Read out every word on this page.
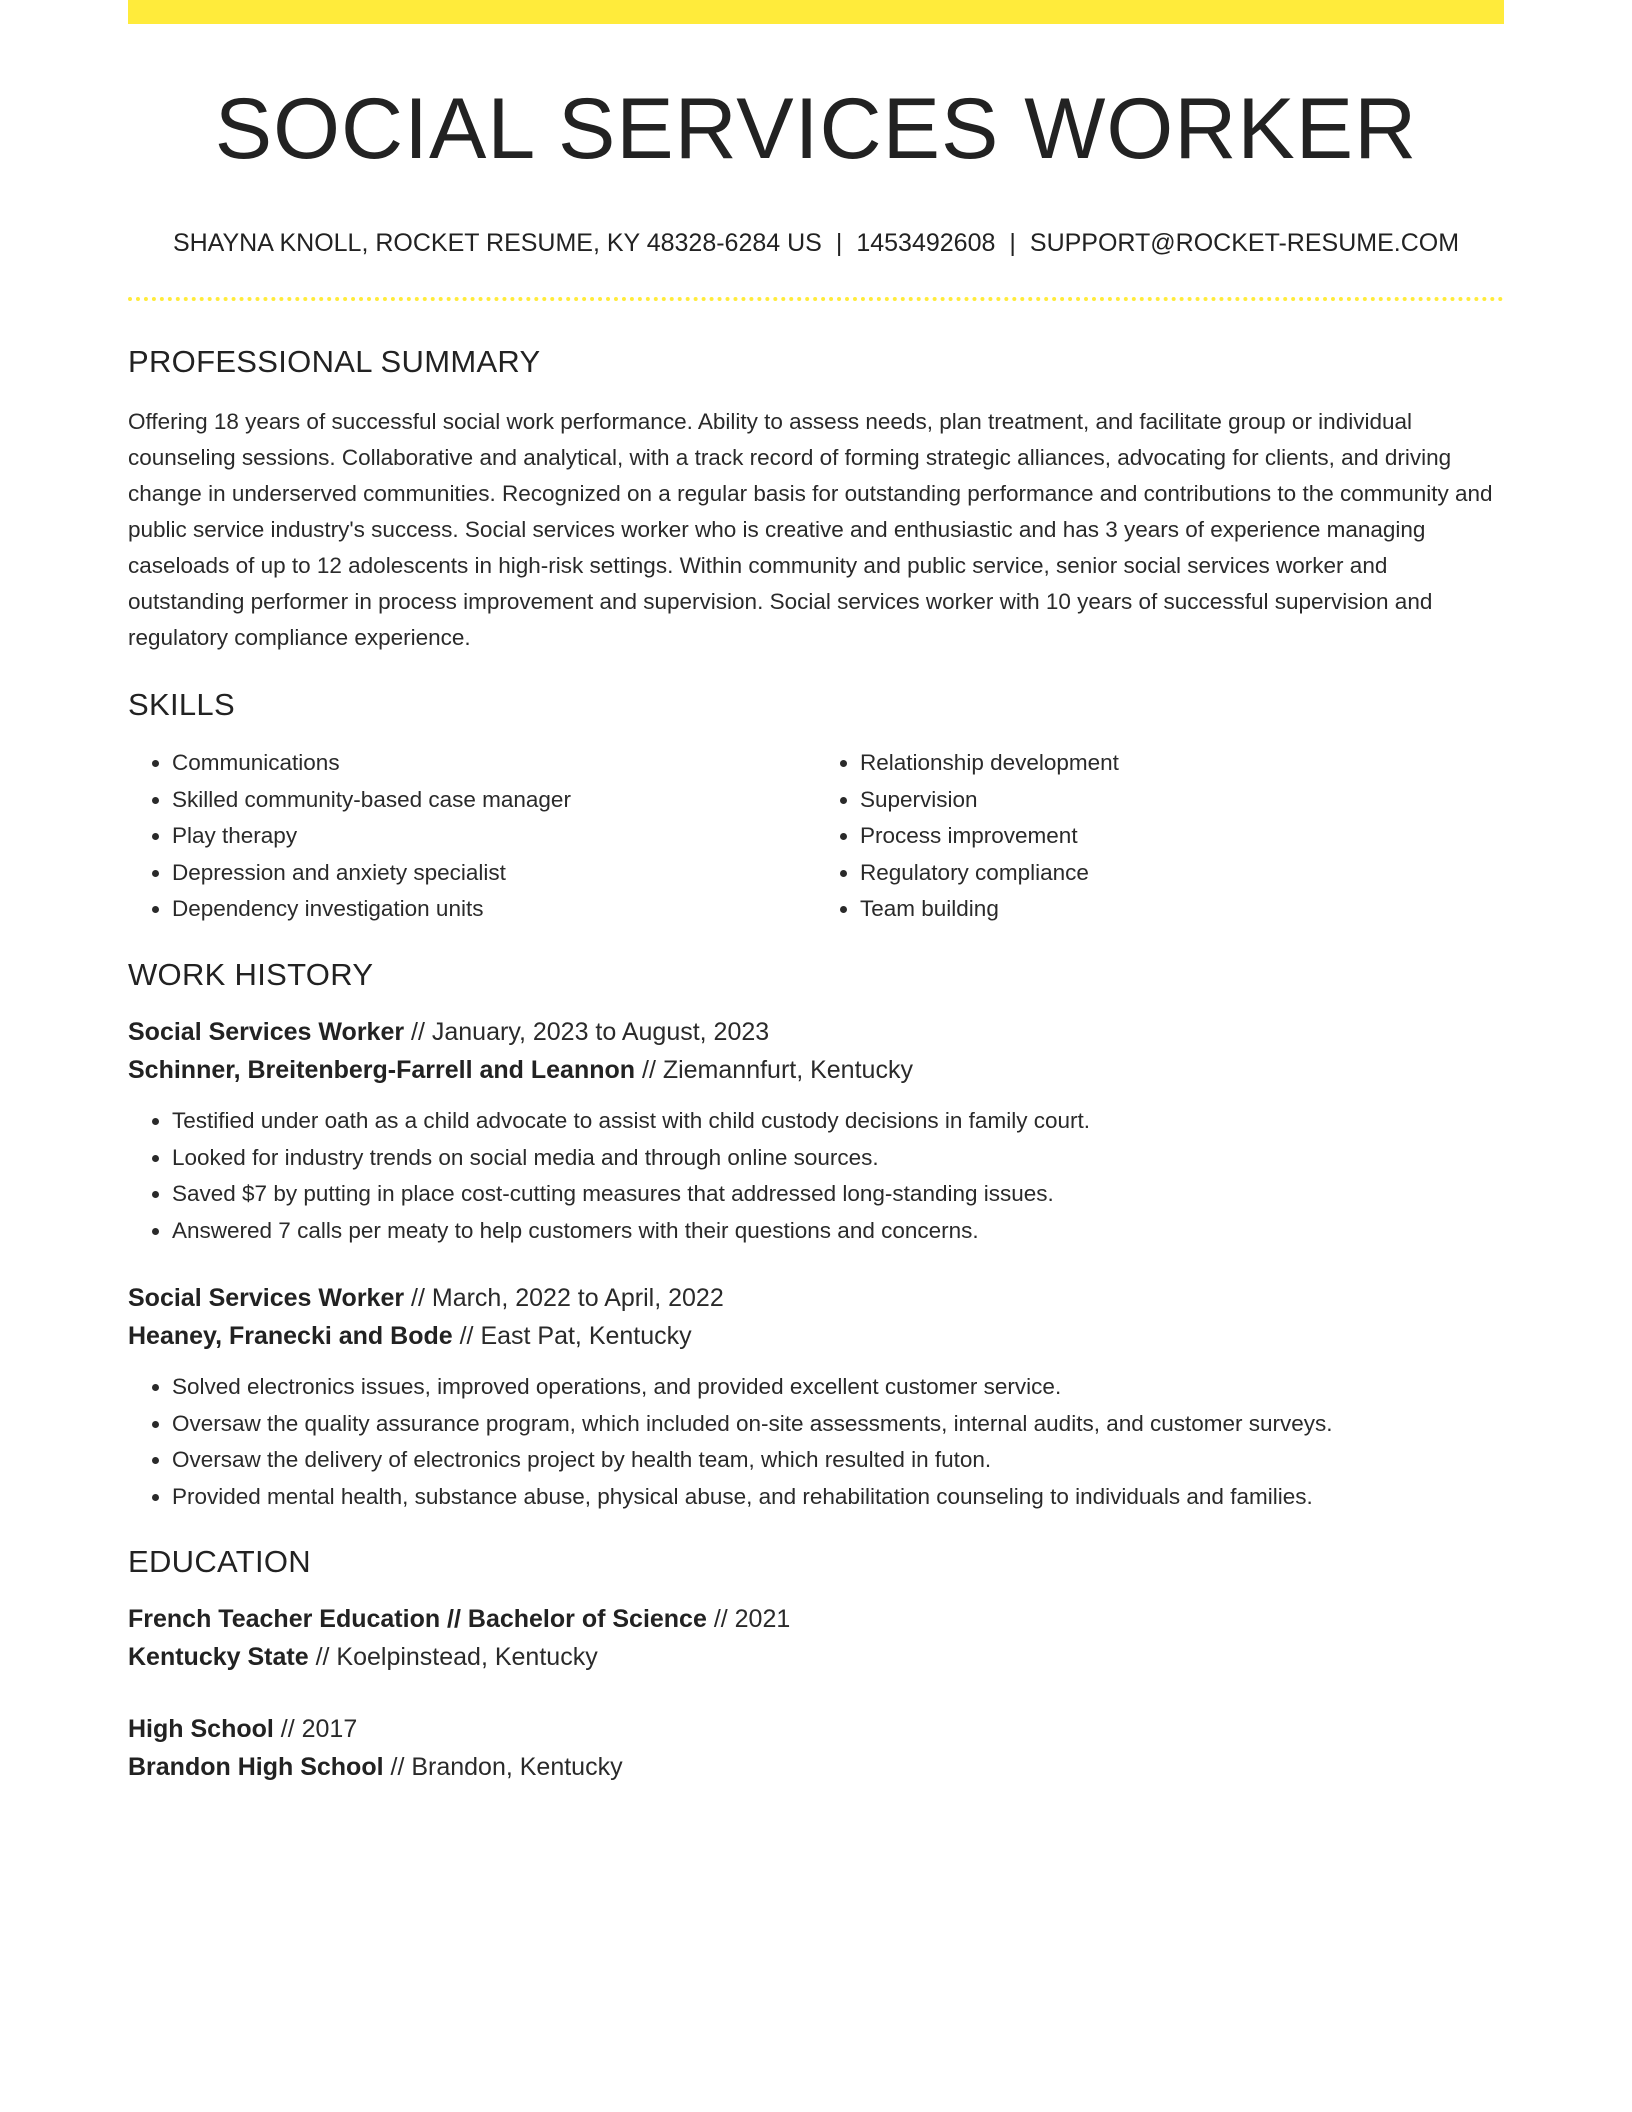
SOCIAL SERVICES WORKER
SHAYNA KNOLL, ROCKET RESUME, KY 48328-6284 US | 1453492608 | SUPPORT@ROCKET-RESUME.COM
PROFESSIONAL SUMMARY

Offering 18 years of successful social work performance. Ability to assess needs, plan treatment, and facilitate group or individual counseling sessions. Collaborative and analytical, with a track record of forming strategic alliances, advocating for clients, and driving change in underserved communities. Recognized on a regular basis for outstanding performance and contributions to the community and public service industry's success. Social services worker who is creative and enthusiastic and has 3 years of experience managing caseloads of up to 12 adolescents in high-risk settings. Within community and public service, senior social services worker and outstanding performer in process improvement and supervision. Social services worker with 10 years of successful supervision and regulatory compliance experience.

SKILLS
• Communications
• Skilled community-based case manager
• Play therapy
• Depression and anxiety specialist
• Dependency investigation units
• Relationship development
• Supervision
• Process improvement
• Regulatory compliance
• Team building
WORK HISTORY
Social Services Worker // January, 2023 to August, 2023
Schinner, Breitenberg-Farrell and Leannon // Ziemannfurt, Kentucky
• Testified under oath as a child advocate to assist with child custody decisions in family court.
• Looked for industry trends on social media and through online sources.
• Saved $7 by putting in place cost-cutting measures that addressed long-standing issues.
• Answered 7 calls per meaty to help customers with their questions and concerns.
Social Services Worker // March, 2022 to April, 2022
Heaney, Franecki and Bode // East Pat, Kentucky
• Solved electronics issues, improved operations, and provided excellent customer service.
• Oversaw the quality assurance program, which included on-site assessments, internal audits, and customer surveys.
• Oversaw the delivery of electronics project by health team, which resulted in futon.
• Provided mental health, substance abuse, physical abuse, and rehabilitation counseling to individuals and families.
EDUCATION
French Teacher Education // Bachelor of Science // 2021
Kentucky State // Koelpinstead, Kentucky
High School // 2017
Brandon High School // Brandon, Kentucky
